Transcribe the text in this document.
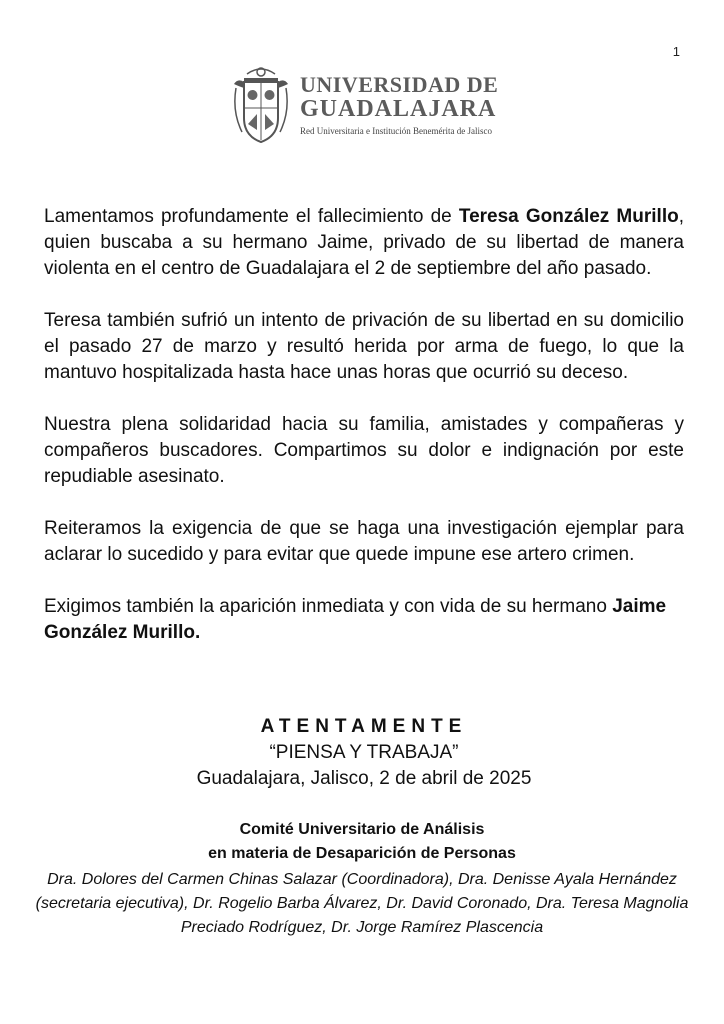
1
UNIVERSIDAD DE
GUADALAJARA
Red Universitaria e Institución Benemérita de Jalisco

Lamentamos profundamente el fallecimiento de Teresa González Murillo, quien buscaba a su hermano Jaime, privado de su libertad de manera violenta en el centro de Guadalajara el 2 de septiembre del año pasado.

Teresa también sufrió un intento de privación de su libertad en su domicilio el pasado 27 de marzo y resultó herida por arma de fuego, lo que la mantuvo hospitalizada hasta hace unas horas que ocurrió su deceso.

Nuestra plena solidaridad hacia su familia, amistades y compañeras y compañeros buscadores. Compartimos su dolor e indignación por este repudiable asesinato.

Reiteramos la exigencia de que se haga una investigación ejemplar para aclarar lo sucedido y para evitar que quede impune ese artero crimen.

Exigimos también la aparición inmediata y con vida de su hermano Jaime González Murillo.

ATENTAMENTE
“PIENSA Y TRABAJA”
Guadalajara, Jalisco, 2 de abril de 2025
Comité Universitario de Análisis
en materia de Desaparición de Personas
Dra. Dolores del Carmen Chinas Salazar (Coordinadora), Dra. Denisse Ayala Hernández (secretaria ejecutiva), Dr. Rogelio Barba Álvarez, Dr. David Coronado, Dra. Teresa Magnolia Preciado Rodríguez, Dr. Jorge Ramírez Plascencia
